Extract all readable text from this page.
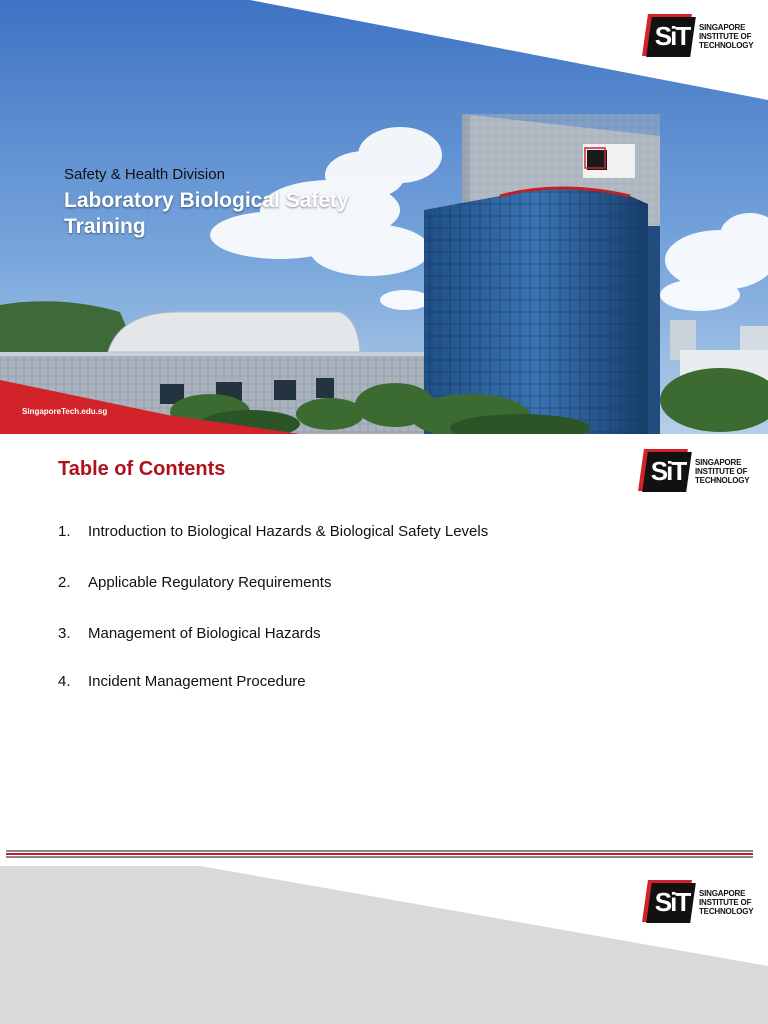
SiT	SINGAPORE
INSTITUTE OF
TECHNOLOGY

Safety & Health Division

Laboratory Biological Safety Training
SingaporeTech.edu.sg
Table of Contents	SiT	SINGAPORE
INSTITUTE OF
TECHNOLOGY
1. Introduction to Biological Hazards & Biological Safety Levels
2. Applicable Regulatory Requirements
3. Management of Biological Hazards
4. Incident Management Procedure
SiT	SINGAPORE
INSTITUTE OF
TECHNOLOGY
